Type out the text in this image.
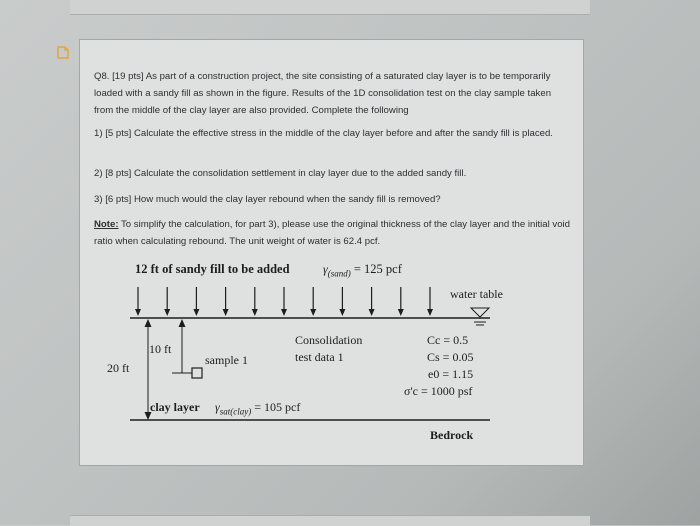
Q8. [19 pts] As part of a construction project, the site consisting of a saturated clay layer is to be temporarily loaded with a sandy fill as shown in the figure. Results of the 1D consolidation test on the clay sample taken from the middle of the clay layer are also provided. Complete the following

1) [5 pts] Calculate the effective stress in the middle of the clay layer before and after the sandy fill is placed.

2) [8 pts] Calculate the consolidation settlement in clay layer due to the added sandy fill.

3) [6 pts] How much would the clay layer rebound when the sandy fill is removed?

Note: To simplify the calculation, for part 3), please use the original thickness of the clay layer and the initial void ratio when calculating rebound. The unit weight of water is 62.4 pcf.

12 ft of sandy fill to be added	$\gamma_{(sand)} = 125$ pcf
water table
Consolidation
test data 1
sample 1
10 ft
20 ft
Cc = 0.5
Cs = 0.05
e0 = 1.15
σ'c = 1000 psf
clay layer $\gamma_{sat(clay)} = 105$ pcf
Bedrock
